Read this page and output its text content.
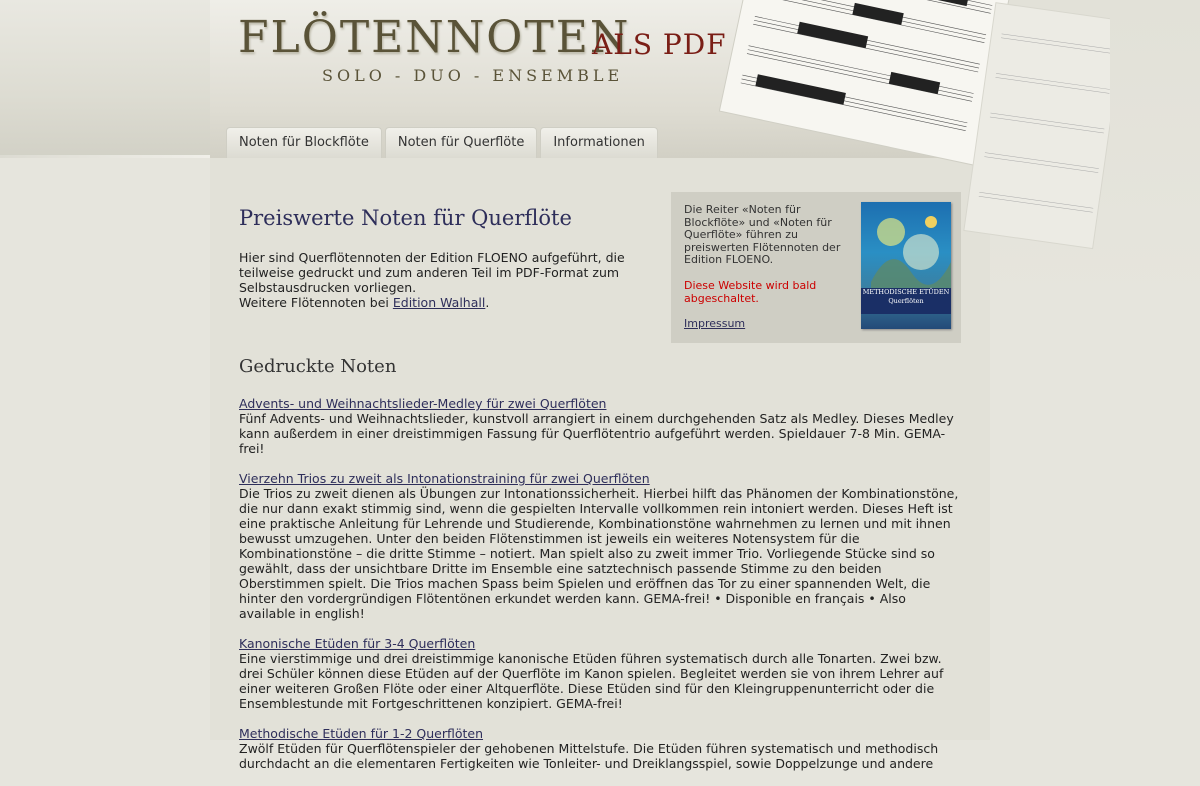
FLÖTENNOTEN
ALS PDF
SOLO - DUO - ENSEMBLE
Noten für Blockflöte	Noten für Querflöte	Informationen
Preiswerte Noten für Querflöte
Hier sind Querflötennoten der Edition FLOENO aufgeführt, die teilweise gedruckt und zum anderen Teil im PDF-Format zum Selbstausdrucken vorliegen.
Weitere Flötennoten bei Edition Walhall.
Die Reiter «Noten für Blockflöte» und «Noten für Querflöte» führen zu preiswerten Flötennoten der Edition FLOENO.
Diese Website wird bald abgeschaltet.
Impressum
METHODISCHE ETÜDEN
Querflöten
Gedruckte Noten
Advents- und Weihnachtslieder-Medley für zwei Querflöten
Fünf Advents- und Weihnachtslieder, kunstvoll arrangiert in einem durchgehenden Satz als Medley. Dieses Medley kann außerdem in einer dreistimmigen Fassung für Querflötentrio aufgeführt werden. Spieldauer 7-8 Min. GEMA-frei!
Vierzehn Trios zu zweit als Intonationstraining für zwei Querflöten
Die Trios zu zweit dienen als Übungen zur Intonationssicherheit. Hierbei hilft das Phänomen der Kombinationstöne, die nur dann exakt stimmig sind, wenn die gespielten Intervalle vollkommen rein intoniert werden. Dieses Heft ist eine praktische Anleitung für Lehrende und Studierende, Kombinationstöne wahrnehmen zu lernen und mit ihnen bewusst umzugehen. Unter den beiden Flötenstimmen ist jeweils ein weiteres Notensystem für die Kombinationstöne – die dritte Stimme – notiert. Man spielt also zu zweit immer Trio. Vorliegende Stücke sind so gewählt, dass der unsichtbare Dritte im Ensemble eine satztechnisch passende Stimme zu den beiden Oberstimmen spielt. Die Trios machen Spass beim Spielen und eröffnen das Tor zu einer spannenden Welt, die hinter den vordergründigen Flötentönen erkundet werden kann. GEMA-frei! • Disponible en français • Also available in english!
Kanonische Etüden für 3-4 Querflöten
Eine vierstimmige und drei dreistimmige kanonische Etüden führen systematisch durch alle Tonarten. Zwei bzw. drei Schüler können diese Etüden auf der Querflöte im Kanon spielen. Begleitet werden sie von ihrem Lehrer auf einer weiteren Großen Flöte oder einer Altquerflöte. Diese Etüden sind für den Kleingruppenunterricht oder die Ensemblestunde mit Fortgeschrittenen konzipiert. GEMA-frei!
Methodische Etüden für 1-2 Querflöten
Zwölf Etüden für Querflötenspieler der gehobenen Mittelstufe. Die Etüden führen systematisch und methodisch durchdacht an die elementaren Fertigkeiten wie Tonleiter- und Dreiklangsspiel, sowie Doppelzunge und andere
